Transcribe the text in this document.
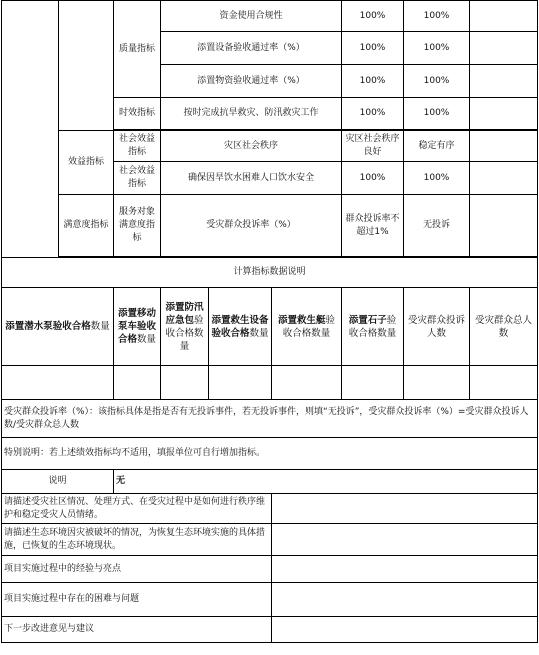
		质量指标	资金使用合规性			100%	100%	
			添置设备验收通过率（%）			100%	100%	
			添置物资验收通过率（%）			100%	100%	
		时效指标	按时完成抗旱救灾、防汛救灾工作			100%	100%	

	效益指标	社会效益指标	灾区社会秩序			灾区社会秩序良好	稳定有序	
		社会效益指标	确保因旱饮水困难人口饮水安全			100%	100%	
	满意度指标	服务对象满意度指标	受灾群众投诉率（%）			群众投诉率不超过1%	无投诉	

计算指标数据说明								
添置潜水泵验收合格数量		添置移动泵车验收合格数量	添置防汛应急包验收合格数量	添置救生设备验收合格数量	添置救生艇验收合格数量	添置石子验收合格数量	受灾群众投诉人数	受灾群众总人数

受灾群众投诉率（%）：该指标具体是指是否有无投诉事件，若无投诉事件，则填“无投诉”，受灾群众投诉率（%）=受灾群众投诉人数/受灾群众总人数								
特别说明：若上述绩效指标均不适用，填报单位可自行增加指标。								
说明		无						
请描述受灾社区情况、处理方式、在受灾过程中是如何进行秩序维护和稳定受灾人员情绪。								
请描述生态环境因灾被破坏的情况，为恢复生态环境实施的具体措施，已恢复的生态环境现状。								
项目实施过程中的经验与亮点								
项目实施过程中存在的困难与问题								
下一步改进意见与建议								
